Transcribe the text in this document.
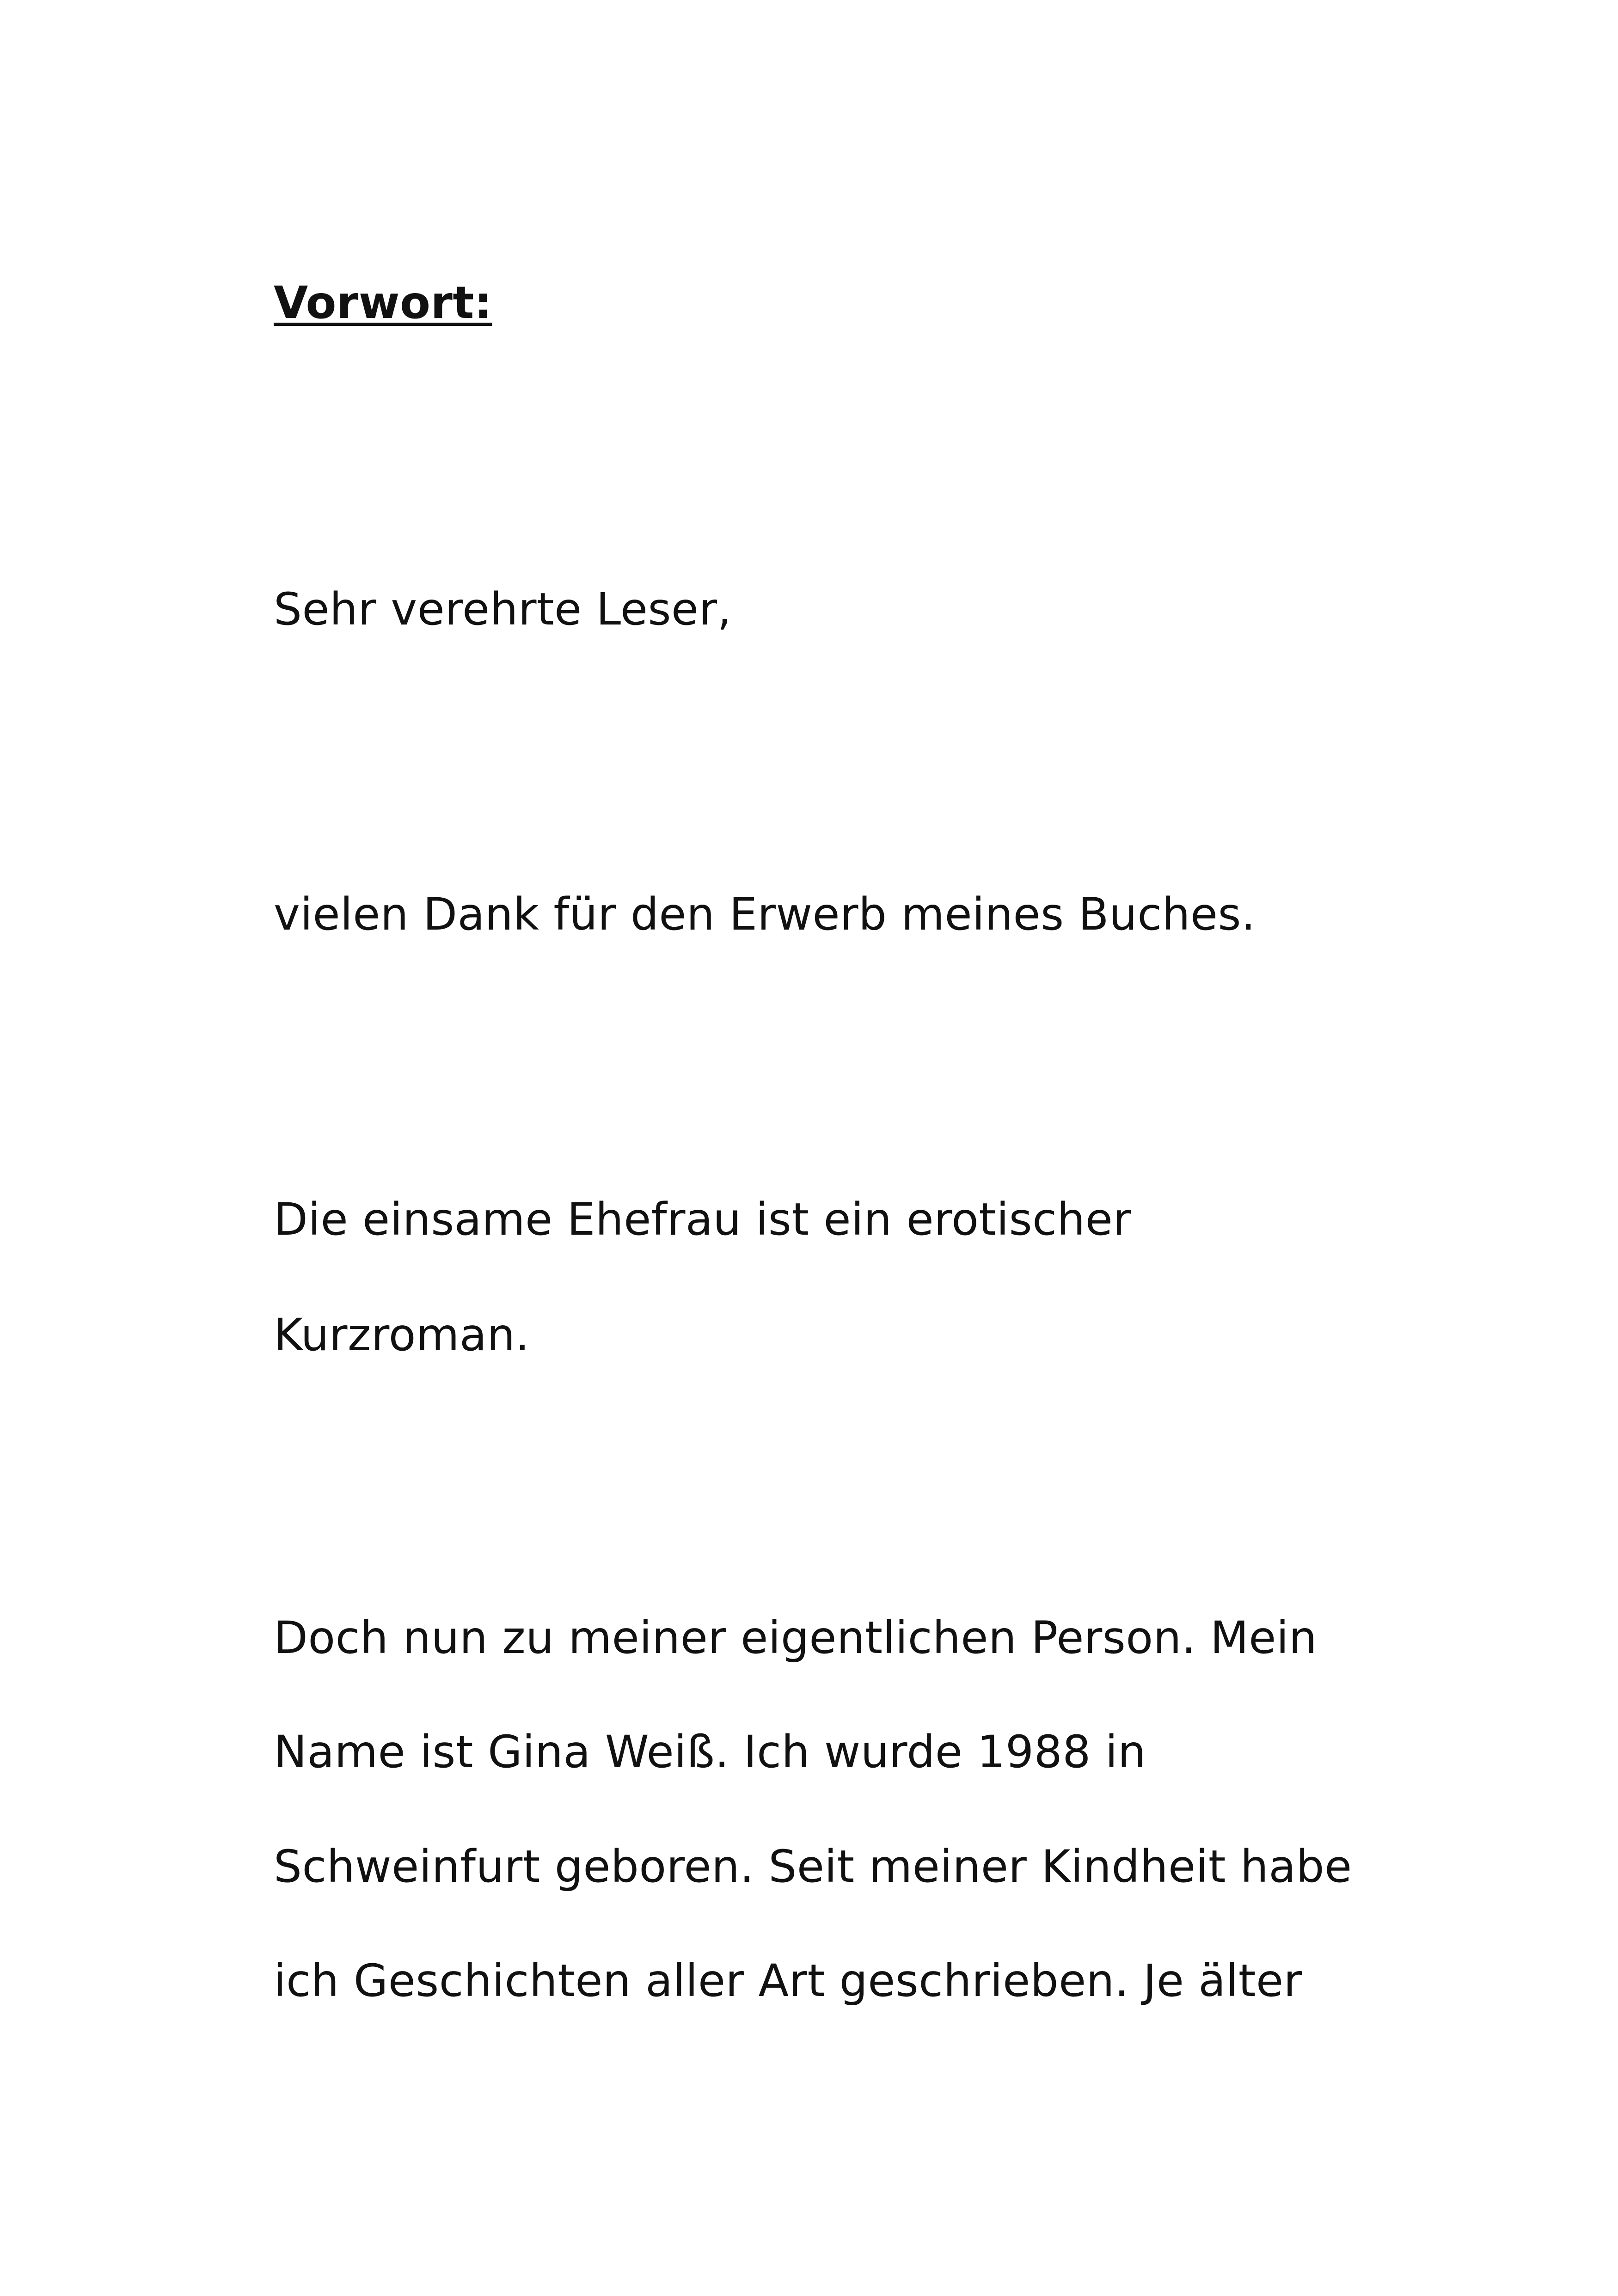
Vorwort:

Sehr verehrte Leser,

vielen Dank für den Erwerb meines Buches.

Die einsame Ehefrau ist ein erotischer

Kurzroman.

Doch nun zu meiner eigentlichen Person. Mein

Name ist Gina Weiß. Ich wurde 1988 in

Schweinfurt geboren. Seit meiner Kindheit habe

ich Geschichten aller Art geschrieben. Je älter
